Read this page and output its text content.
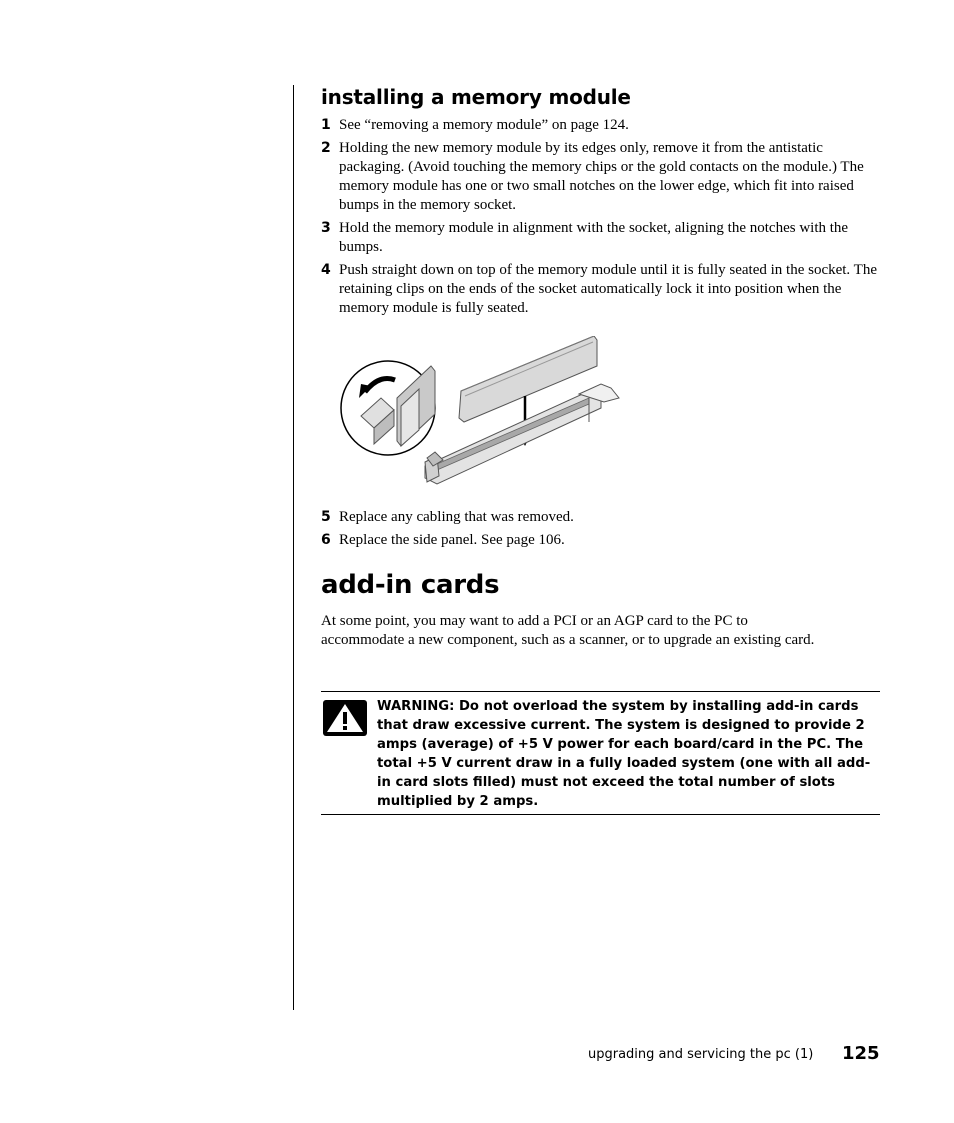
installing a memory module
1 See “removing a memory module” on page 124.
2 Holding the new memory module by its edges only, remove it from the antistatic packaging. (Avoid touching the memory chips or the gold contacts on the module.) The memory module has one or two small notches on the lower edge, which fit into raised bumps in the memory socket.
3 Hold the memory module in alignment with the socket, aligning the notches with the bumps.
4 Push straight down on top of the memory module until it is fully seated in the socket. The retaining clips on the ends of the socket automatically lock it into position when the memory module is fully seated.
5 Replace any cabling that was removed.
6 Replace the side panel. See page 106.
add-in cards

At some point, you may want to add a PCI or an AGP card to the PC to accommodate a new component, such as a scanner, or to upgrade an existing card.

WARNING: Do not overload the system by installing add-in cards that draw excessive current. The system is designed to provide 2 amps (average) of +5 V power for each board/card in the PC. The total +5 V current draw in a fully loaded system (one with all add-in card slots filled) must not exceed the total number of slots multiplied by 2 amps.
upgrading and servicing the pc (1) 125
